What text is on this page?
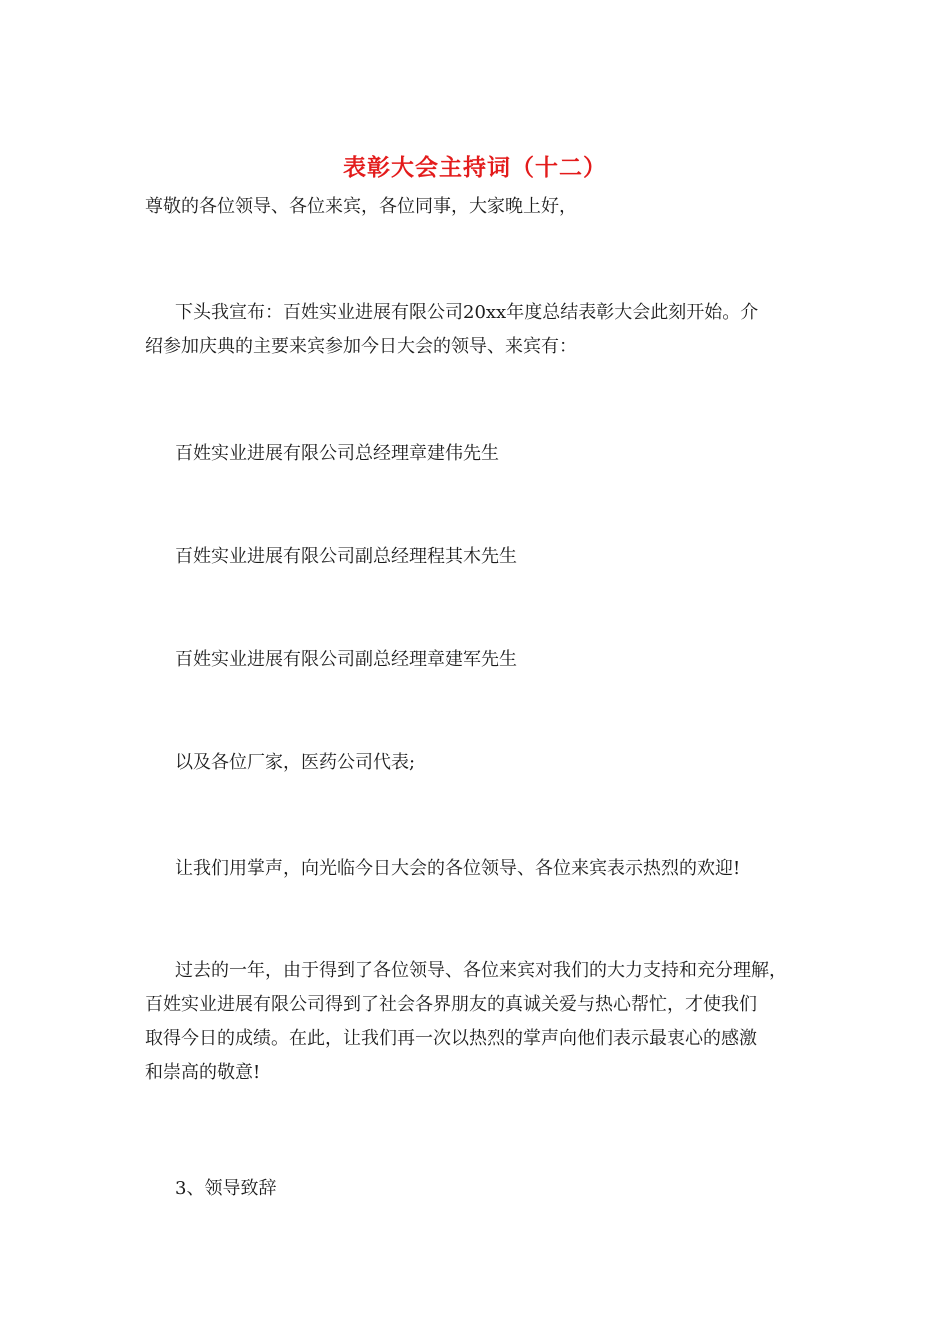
表彰大会主持词（十二）

尊敬的各位领导、各位来宾，各位同事，大家晚上好，

下头我宣布：百姓实业进展有限公司20xx年度总结表彰大会此刻开始。介
绍参加庆典的主要来宾参加今日大会的领导、来宾有：

百姓实业进展有限公司总经理章建伟先生

百姓实业进展有限公司副总经理程其木先生

百姓实业进展有限公司副总经理章建军先生

以及各位厂家，医药公司代表;

让我们用掌声，向光临今日大会的各位领导、各位来宾表示热烈的欢迎!

过去的一年，由于得到了各位领导、各位来宾对我们的大力支持和充分理解，
百姓实业进展有限公司得到了社会各界朋友的真诚关爱与热心帮忙，才使我们
取得今日的成绩。在此，让我们再一次以热烈的掌声向他们表示最衷心的感激
和崇高的敬意!

3、领导致辞
